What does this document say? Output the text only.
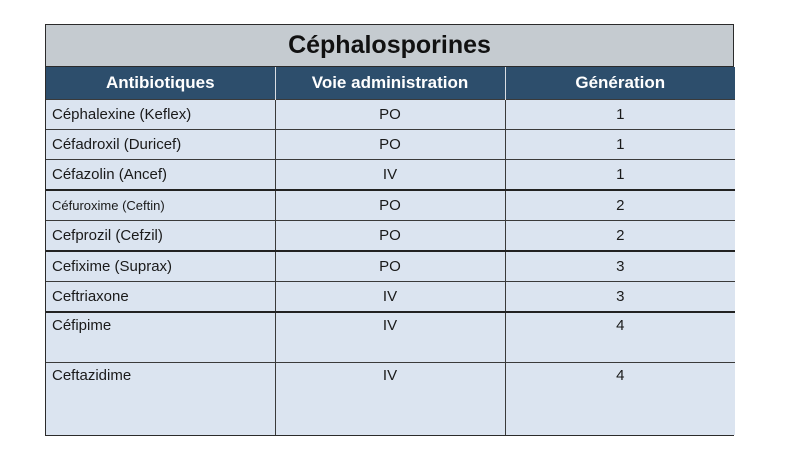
Céphalosporines
Antibiotiques	Voie administration	Génération
Céphalexine (Keflex)	PO	1
Céfadroxil (Duricef)	PO	1
Céfazolin (Ancef)	IV	1
Céfuroxime (Ceftin)	PO	2
Cefprozil (Cefzil)	PO	2
Cefixime (Suprax)	PO	3
Ceftriaxone	IV	3
Céfipime	IV	4
Ceftazidime	IV	4
